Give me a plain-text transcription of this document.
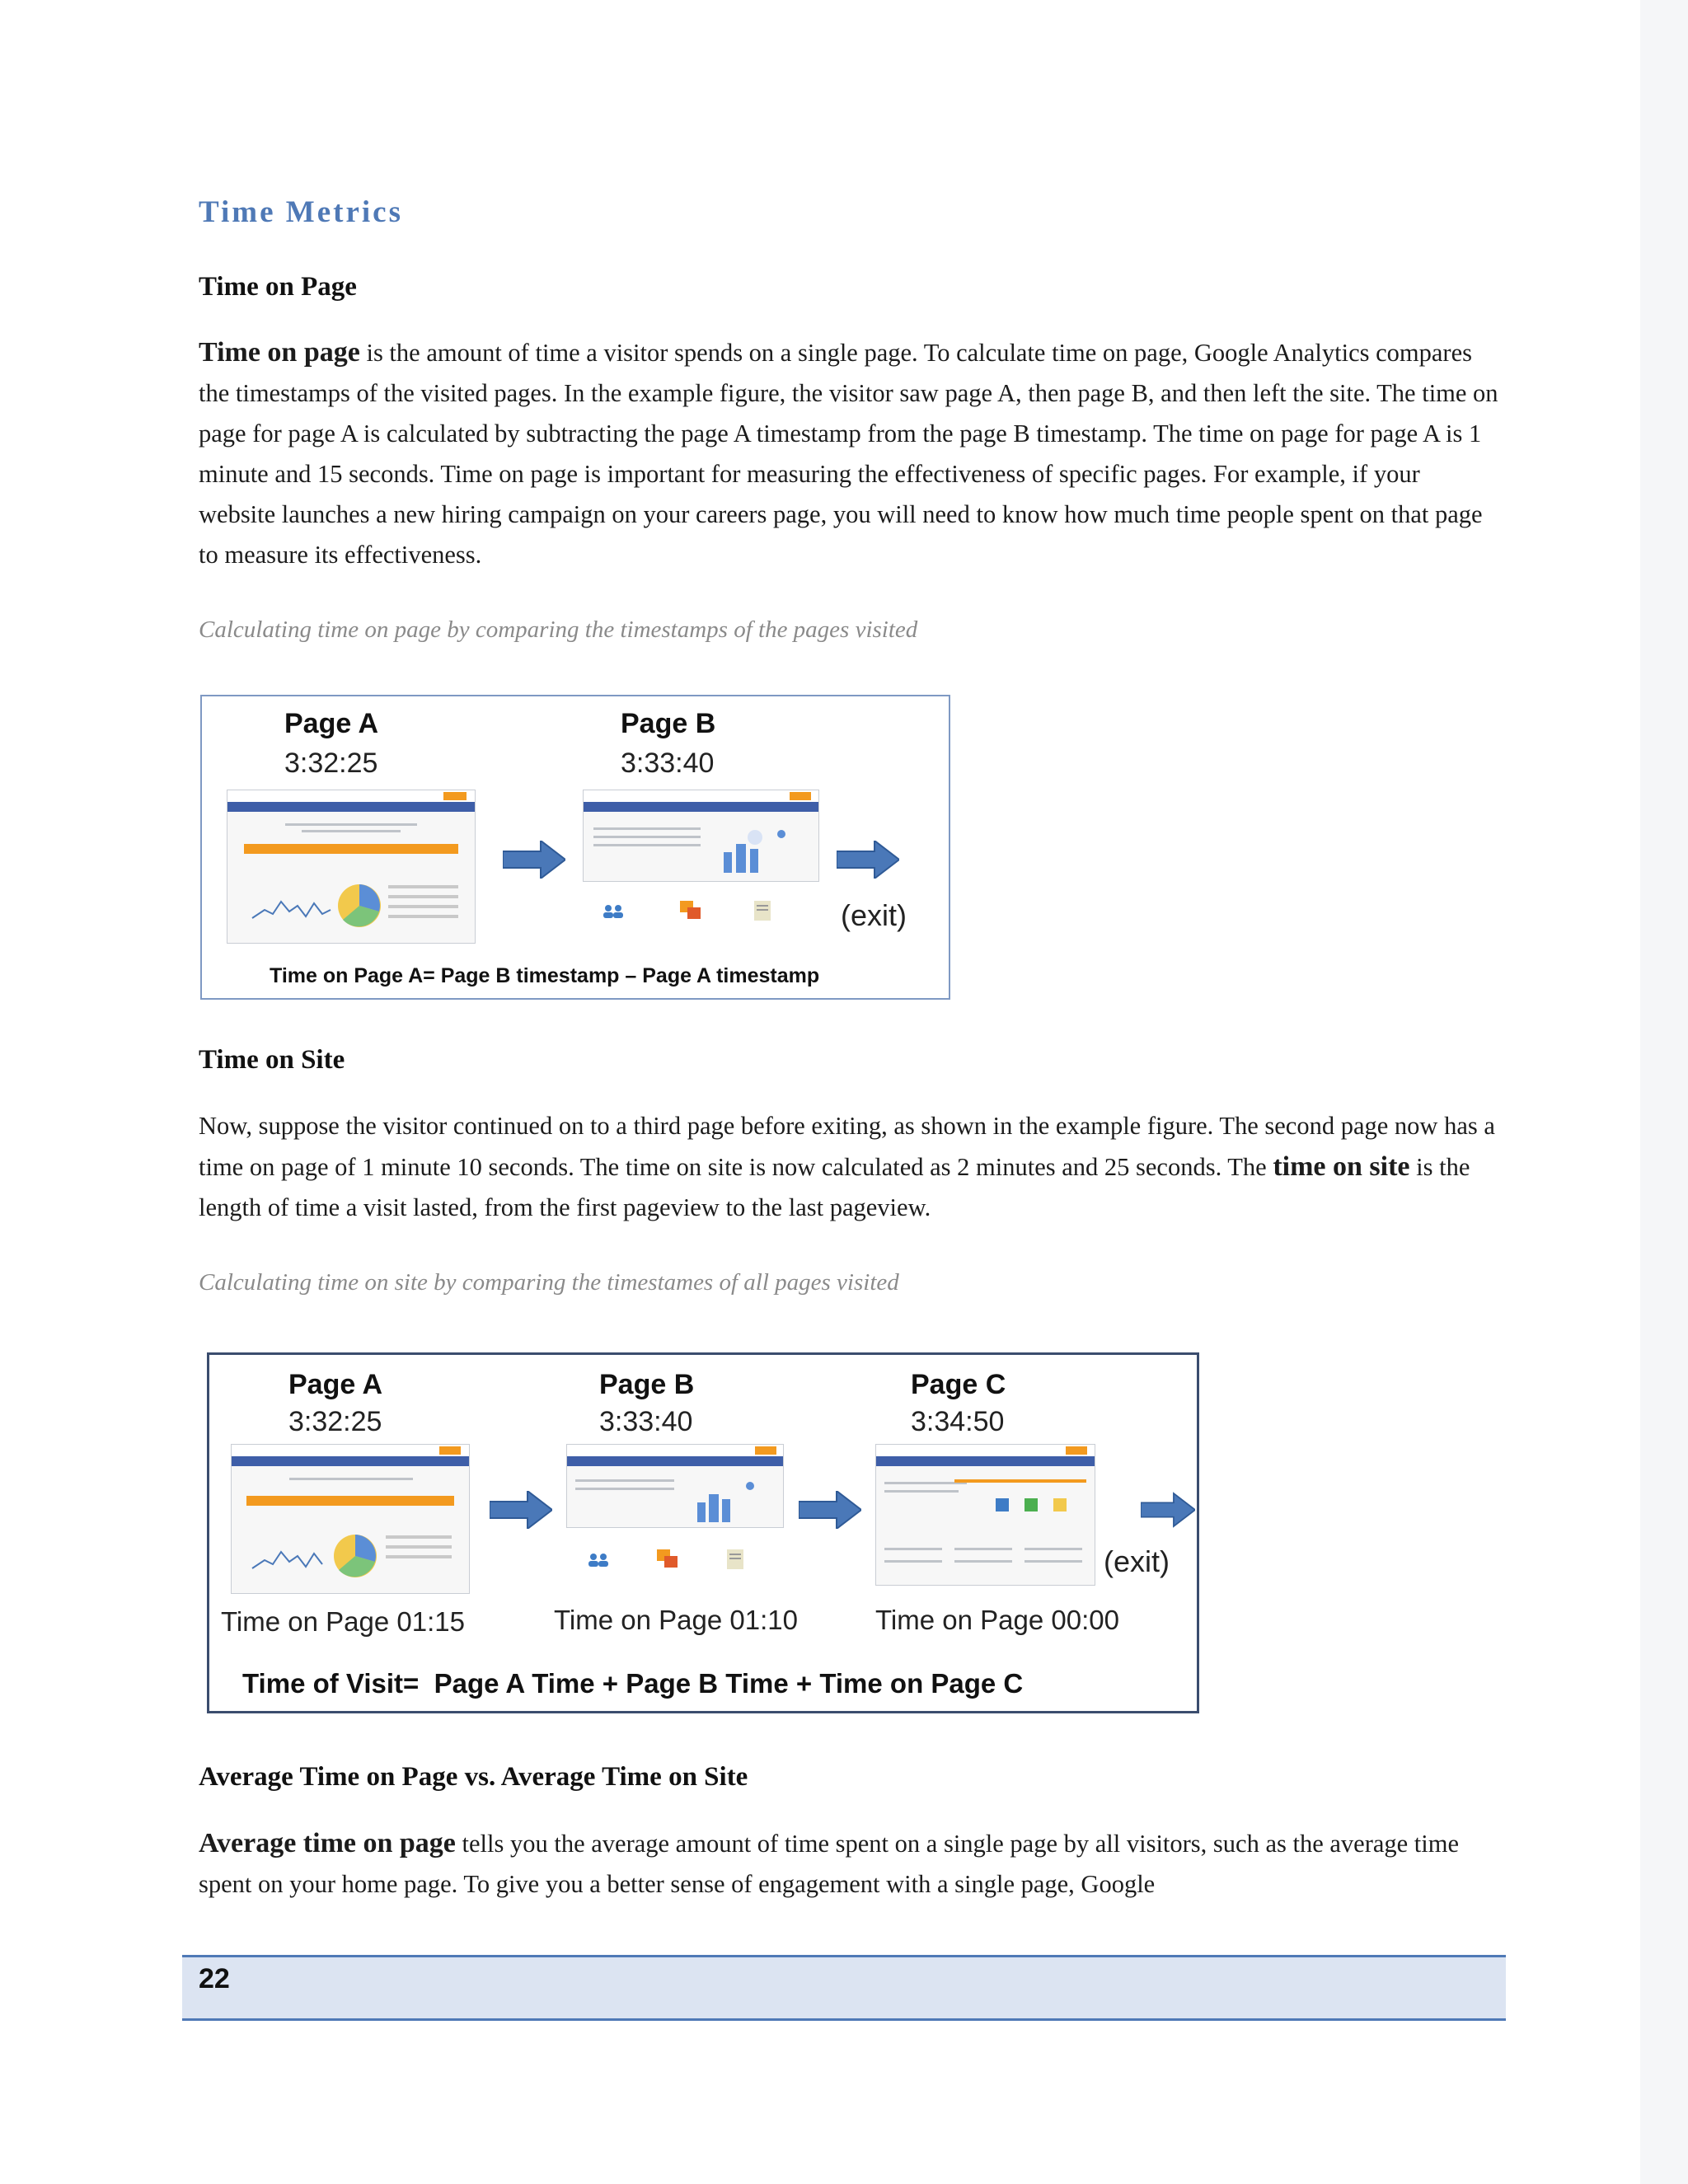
Time Metrics
Time on Page
Time on page is the amount of time a visitor spends on a single page. To calculate time on page, Google Analytics compares the timestamps of the visited pages. In the example figure, the visitor saw page A, then page B, and then left the site. The time on page for page A is calculated by subtracting the page A timestamp from the page B timestamp. The time on page for page A is 1 minute and 15 seconds. Time on page is important for measuring the effectiveness of specific pages. For example, if your website launches a new hiring campaign on your careers page, you will need to know how much time people spent on that page to measure its effectiveness.
Calculating time on page by comparing the timestamps of the pages visited
Page A
3:32:25
Page B
3:33:40
(exit)
Time on Page A= Page B timestamp – Page A timestamp
Time on Site
Now, suppose the visitor continued on to a third page before exiting, as shown in the example figure. The second page now has a time on page of 1 minute 10 seconds. The time on site is now calculated as 2 minutes and 25 seconds. The time on site is the length of time a visit lasted, from the first pageview to the last pageview.
Calculating time on site by comparing the timestames of all pages visited
Page A
3:32:25
Page B
3:33:40
Page C
3:34:50
(exit)
Time on Page 01:15	Time on Page 01:10	Time on Page 00:00
Time of Visit=  Page A Time + Page B Time + Time on Page C
Average Time on Page vs. Average Time on Site
Average time on page tells you the average amount of time spent on a single page by all visitors, such as the average time spent on your home page. To give you a better sense of engagement with a single page, Google
22
